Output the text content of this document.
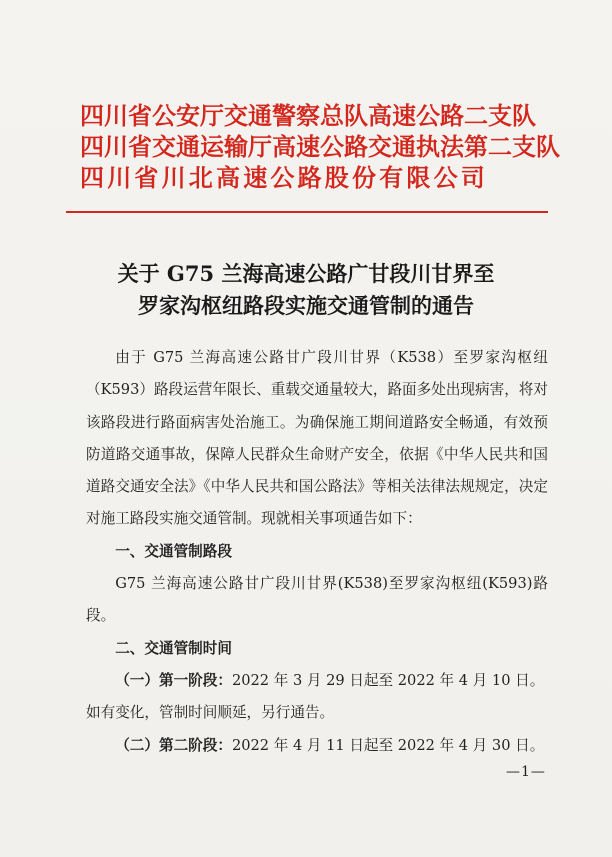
四川省公安厅交通警察总队高速公路二支队
四川省交通运输厅高速公路交通执法第二支队
四川省川北高速公路股份有限公司
关于 G75 兰海高速公路广甘段川甘界至
罗家沟枢纽路段实施交通管制的通告

由于 G75 兰海高速公路甘广段川甘界（K538）至罗家沟枢纽（K593）路段运营年限长、重载交通量较大，路面多处出现病害，将对该路段进行路面病害处治施工。为确保施工期间道路安全畅通，有效预防道路交通事故，保障人民群众生命财产安全，依据《中华人民共和国道路交通安全法》《中华人民共和国公路法》等相关法律法规规定，决定对施工路段实施交通管制。现就相关事项通告如下：

一、交通管制路段

G75 兰海高速公路甘广段川甘界(K538)至罗家沟枢纽(K593)路段。

二、交通管制时间

（一）第一阶段：2022 年 3 月 29 日起至 2022 年 4 月 10 日。如有变化，管制时间顺延，另行通告。

（二）第二阶段：2022 年 4 月 11 日起至 2022 年 4 月 30 日。

—1—
